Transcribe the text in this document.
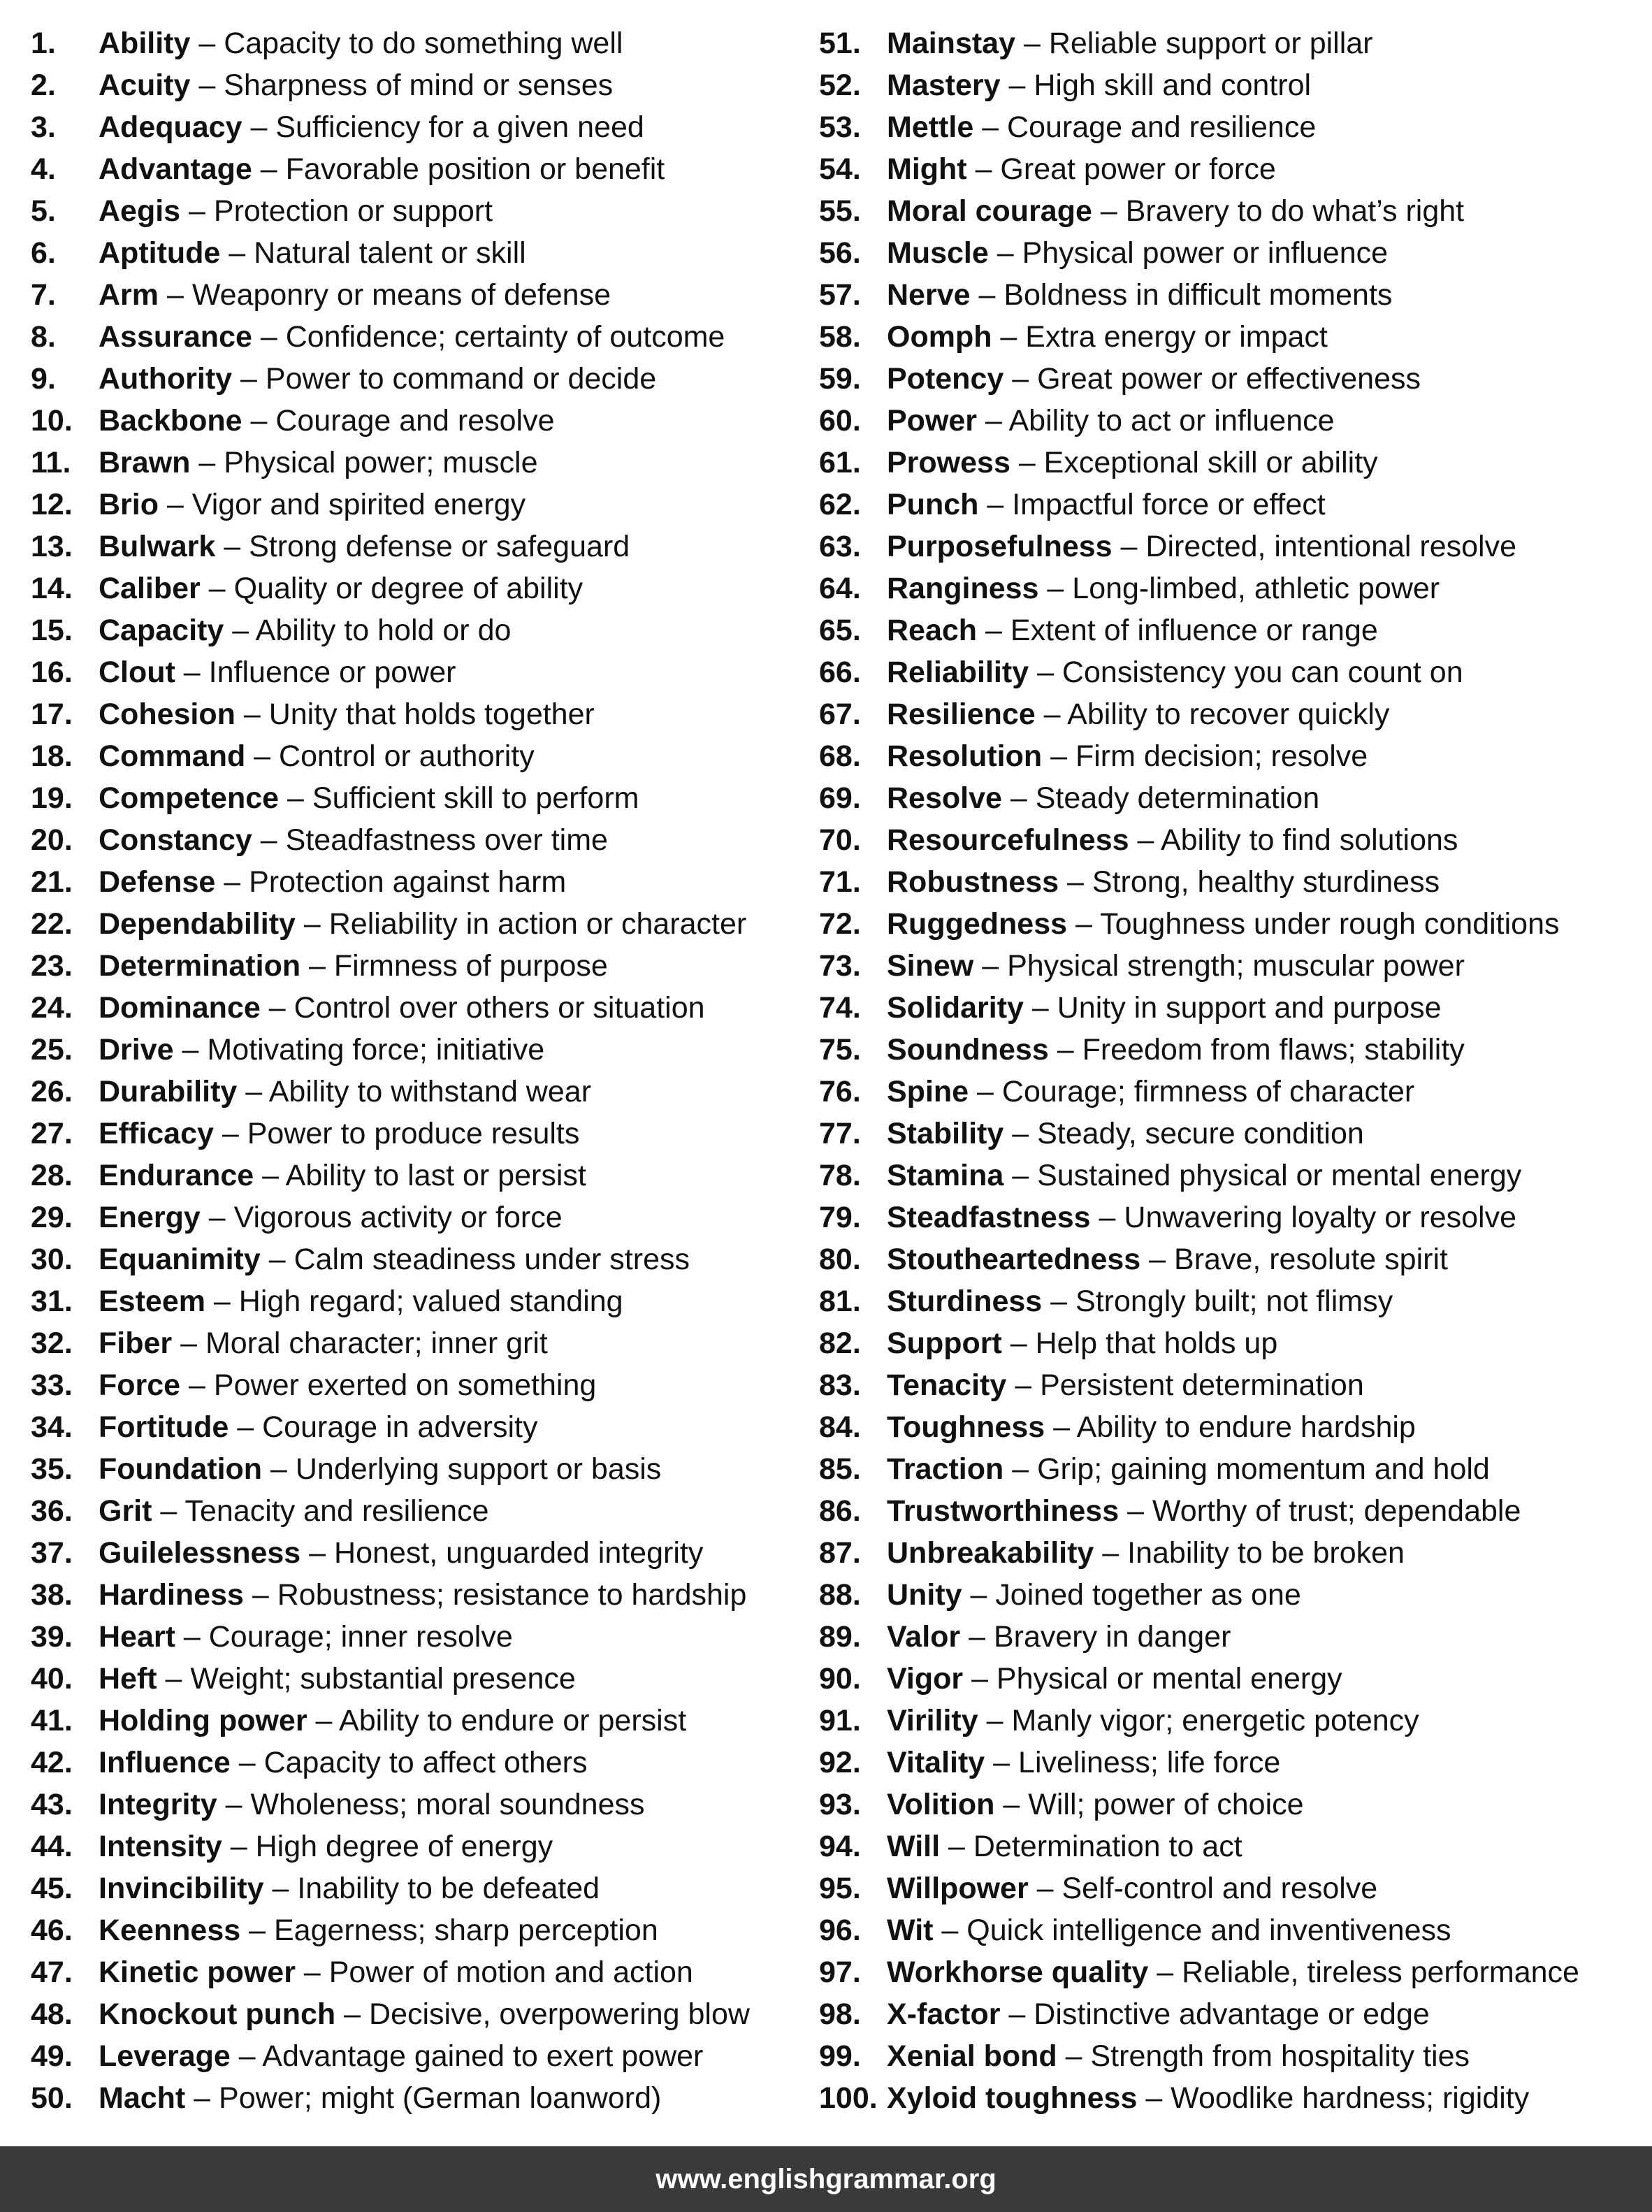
1. Ability – Capacity to do something well
2. Acuity – Sharpness of mind or senses
3. Adequacy – Sufficiency for a given need
4. Advantage – Favorable position or benefit
5. Aegis – Protection or support
6. Aptitude – Natural talent or skill
7. Arm – Weaponry or means of defense
8. Assurance – Confidence; certainty of outcome
9. Authority – Power to command or decide
10. Backbone – Courage and resolve
11. Brawn – Physical power; muscle
12. Brio – Vigor and spirited energy
13. Bulwark – Strong defense or safeguard
14. Caliber – Quality or degree of ability
15. Capacity – Ability to hold or do
16. Clout – Influence or power
17. Cohesion – Unity that holds together
18. Command – Control or authority
19. Competence – Sufficient skill to perform
20. Constancy – Steadfastness over time
21. Defense – Protection against harm
22. Dependability – Reliability in action or character
23. Determination – Firmness of purpose
24. Dominance – Control over others or situation
25. Drive – Motivating force; initiative
26. Durability – Ability to withstand wear
27. Efficacy – Power to produce results
28. Endurance – Ability to last or persist
29. Energy – Vigorous activity or force
30. Equanimity – Calm steadiness under stress
31. Esteem – High regard; valued standing
32. Fiber – Moral character; inner grit
33. Force – Power exerted on something
34. Fortitude – Courage in adversity
35. Foundation – Underlying support or basis
36. Grit – Tenacity and resilience
37. Guilelessness – Honest, unguarded integrity
38. Hardiness – Robustness; resistance to hardship
39. Heart – Courage; inner resolve
40. Heft – Weight; substantial presence
41. Holding power – Ability to endure or persist
42. Influence – Capacity to affect others
43. Integrity – Wholeness; moral soundness
44. Intensity – High degree of energy
45. Invincibility – Inability to be defeated
46. Keenness – Eagerness; sharp perception
47. Kinetic power – Power of motion and action
48. Knockout punch – Decisive, overpowering blow
49. Leverage – Advantage gained to exert power
50. Macht – Power; might (German loanword)
51. Mainstay – Reliable support or pillar
52. Mastery – High skill and control
53. Mettle – Courage and resilience
54. Might – Great power or force
55. Moral courage – Bravery to do what’s right
56. Muscle – Physical power or influence
57. Nerve – Boldness in difficult moments
58. Oomph – Extra energy or impact
59. Potency – Great power or effectiveness
60. Power – Ability to act or influence
61. Prowess – Exceptional skill or ability
62. Punch – Impactful force or effect
63. Purposefulness – Directed, intentional resolve
64. Ranginess – Long-limbed, athletic power
65. Reach – Extent of influence or range
66. Reliability – Consistency you can count on
67. Resilience – Ability to recover quickly
68. Resolution – Firm decision; resolve
69. Resolve – Steady determination
70. Resourcefulness – Ability to find solutions
71. Robustness – Strong, healthy sturdiness
72. Ruggedness – Toughness under rough conditions
73. Sinew – Physical strength; muscular power
74. Solidarity – Unity in support and purpose
75. Soundness – Freedom from flaws; stability
76. Spine – Courage; firmness of character
77. Stability – Steady, secure condition
78. Stamina – Sustained physical or mental energy
79. Steadfastness – Unwavering loyalty or resolve
80. Stoutheartedness – Brave, resolute spirit
81. Sturdiness – Strongly built; not flimsy
82. Support – Help that holds up
83. Tenacity – Persistent determination
84. Toughness – Ability to endure hardship
85. Traction – Grip; gaining momentum and hold
86. Trustworthiness – Worthy of trust; dependable
87. Unbreakability – Inability to be broken
88. Unity – Joined together as one
89. Valor – Bravery in danger
90. Vigor – Physical or mental energy
91. Virility – Manly vigor; energetic potency
92. Vitality – Liveliness; life force
93. Volition – Will; power of choice
94. Will – Determination to act
95. Willpower – Self-control and resolve
96. Wit – Quick intelligence and inventiveness
97. Workhorse quality – Reliable, tireless performance
98. X-factor – Distinctive advantage or edge
99. Xenial bond – Strength from hospitality ties
100. Xyloid toughness – Woodlike hardness; rigidity
www.englishgrammar.org
